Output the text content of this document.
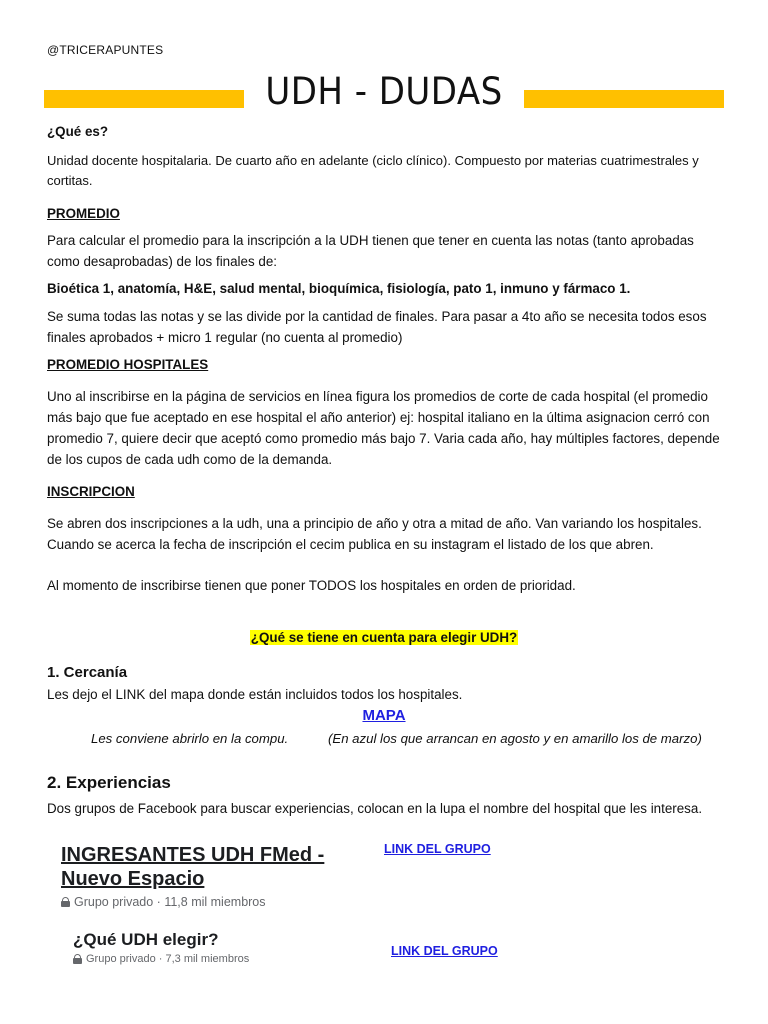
@TRICERAPUNTES
UDH - DUDAS
¿Qué es?
Unidad docente hospitalaria. De cuarto año en adelante (ciclo clínico). Compuesto por materias cuatrimestrales y cortitas.
PROMEDIO
Para calcular el promedio para la inscripción a la UDH tienen que tener en cuenta las notas (tanto aprobadas como desaprobadas) de los finales de:
Bioética 1, anatomía, H&E, salud mental, bioquímica, fisiología, pato 1, inmuno y fármaco 1.
Se suma todas las notas y se las divide por la cantidad de finales. Para pasar a 4to año se necesita todos esos finales aprobados + micro 1 regular (no cuenta al promedio)
PROMEDIO HOSPITALES
Uno al inscribirse en la página de servicios en línea figura los promedios de corte de cada hospital (el promedio más bajo que fue aceptado en ese hospital el año anterior) ej: hospital italiano en la última asignacion cerró con promedio 7, quiere decir que aceptó como promedio más bajo 7. Varia cada año, hay múltiples factores, depende de los cupos de cada udh como de la demanda.
INSCRIPCION
Se abren dos inscripciones a la udh, una a principio de año y otra a mitad de año. Van variando los hospitales. Cuando se acerca la fecha de inscripción el cecim publica en su instagram el listado de los que abren.
Al momento de inscribirse tienen que poner TODOS los hospitales en orden de prioridad.
¿Qué se tiene en cuenta para elegir UDH?
1. Cercanía
Les dejo el LINK del mapa donde están incluidos todos los hospitales.
MAPA
Les conviene abrirlo en la compu.	(En azul los que arrancan en agosto y en amarillo los de marzo)
2. Experiencias
Dos grupos de Facebook para buscar experiencias, colocan en la lupa el nombre del hospital que les interesa.
INGRESANTES UDH FMed -
Nuevo Espacio
Grupo privado · 11,8 mil miembros
LINK DEL GRUPO
¿Qué UDH elegir?
Grupo privado · 7,3 mil miembros
LINK DEL GRUPO
